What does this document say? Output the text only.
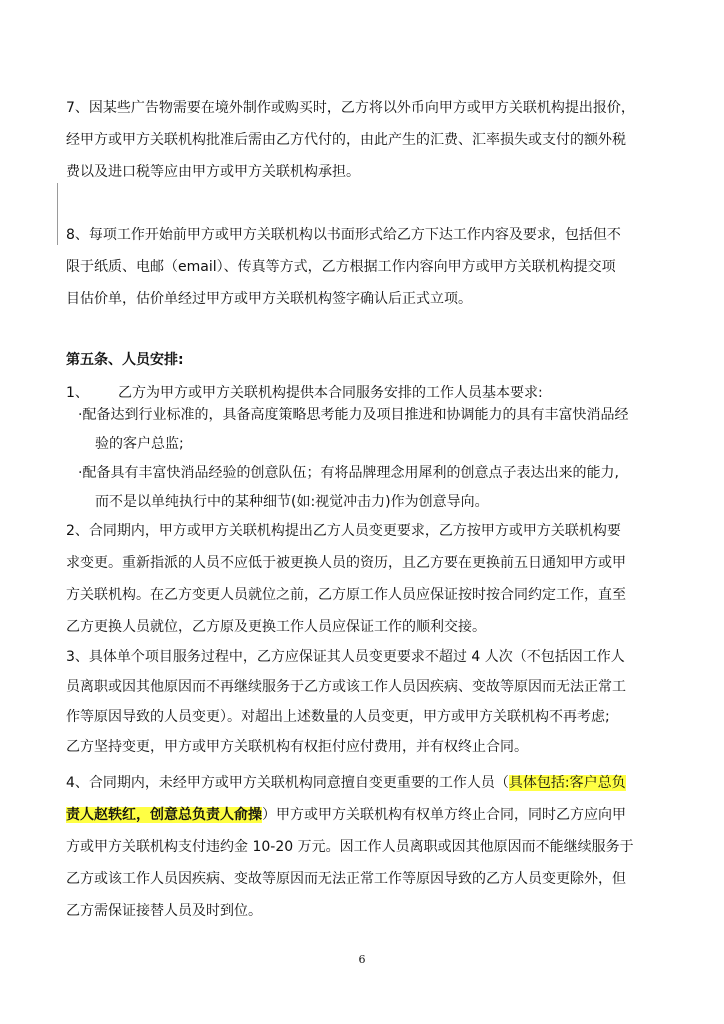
7、因某些广告物需要在境外制作或购买时，乙方将以外币向甲方或甲方关联机构提出报价，
经甲方或甲方关联机构批准后需由乙方代付的，由此产生的汇费、汇率损失或支付的额外税
费以及进口税等应由甲方或甲方关联机构承担。
8、每项工作开始前甲方或甲方关联机构以书面形式给乙方下达工作内容及要求，包括但不
限于纸质、电邮（email）、传真等方式，乙方根据工作内容向甲方或甲方关联机构提交项
目估价单，估价单经过甲方或甲方关联机构签字确认后正式立项。
第五条、人员安排:
1、 乙方为甲方或甲方关联机构提供本合同服务安排的工作人员基本要求:
·配备达到行业标准的，具备高度策略思考能力及项目推进和协调能力的具有丰富快消品经
验的客户总监;
·配备具有丰富快消品经验的创意队伍；有将品牌理念用犀利的创意点子表达出来的能力,
而不是以单纯执行中的某种细节(如:视觉冲击力)作为创意导向。
2、合同期内，甲方或甲方关联机构提出乙方人员变更要求，乙方按甲方或甲方关联机构要
求变更。重新指派的人员不应低于被更换人员的资历，且乙方要在更换前五日通知甲方或甲
方关联机构。在乙方变更人员就位之前，乙方原工作人员应保证按时按合同约定工作，直至
乙方更换人员就位，乙方原及更换工作人员应保证工作的顺利交接。
3、具体单个项目服务过程中，乙方应保证其人员变更要求不超过 4 人次（不包括因工作人
员离职或因其他原因而不再继续服务于乙方或该工作人员因疾病、变故等原因而无法正常工
作等原因导致的人员变更）。对超出上述数量的人员变更，甲方或甲方关联机构不再考虑;
乙方坚持变更，甲方或甲方关联机构有权拒付应付费用，并有权终止合同。
4、合同期内，未经甲方或甲方关联机构同意擅自变更重要的工作人员（具体包括:客户总负
责人赵轶红，创意总负责人俞操）甲方或甲方关联机构有权单方终止合同，同时乙方应向甲
方或甲方关联机构支付违约金 10-20 万元。因工作人员离职或因其他原因而不能继续服务于
乙方或该工作人员因疾病、变故等原因而无法正常工作等原因导致的乙方人员变更除外，但
乙方需保证接替人员及时到位。
6
